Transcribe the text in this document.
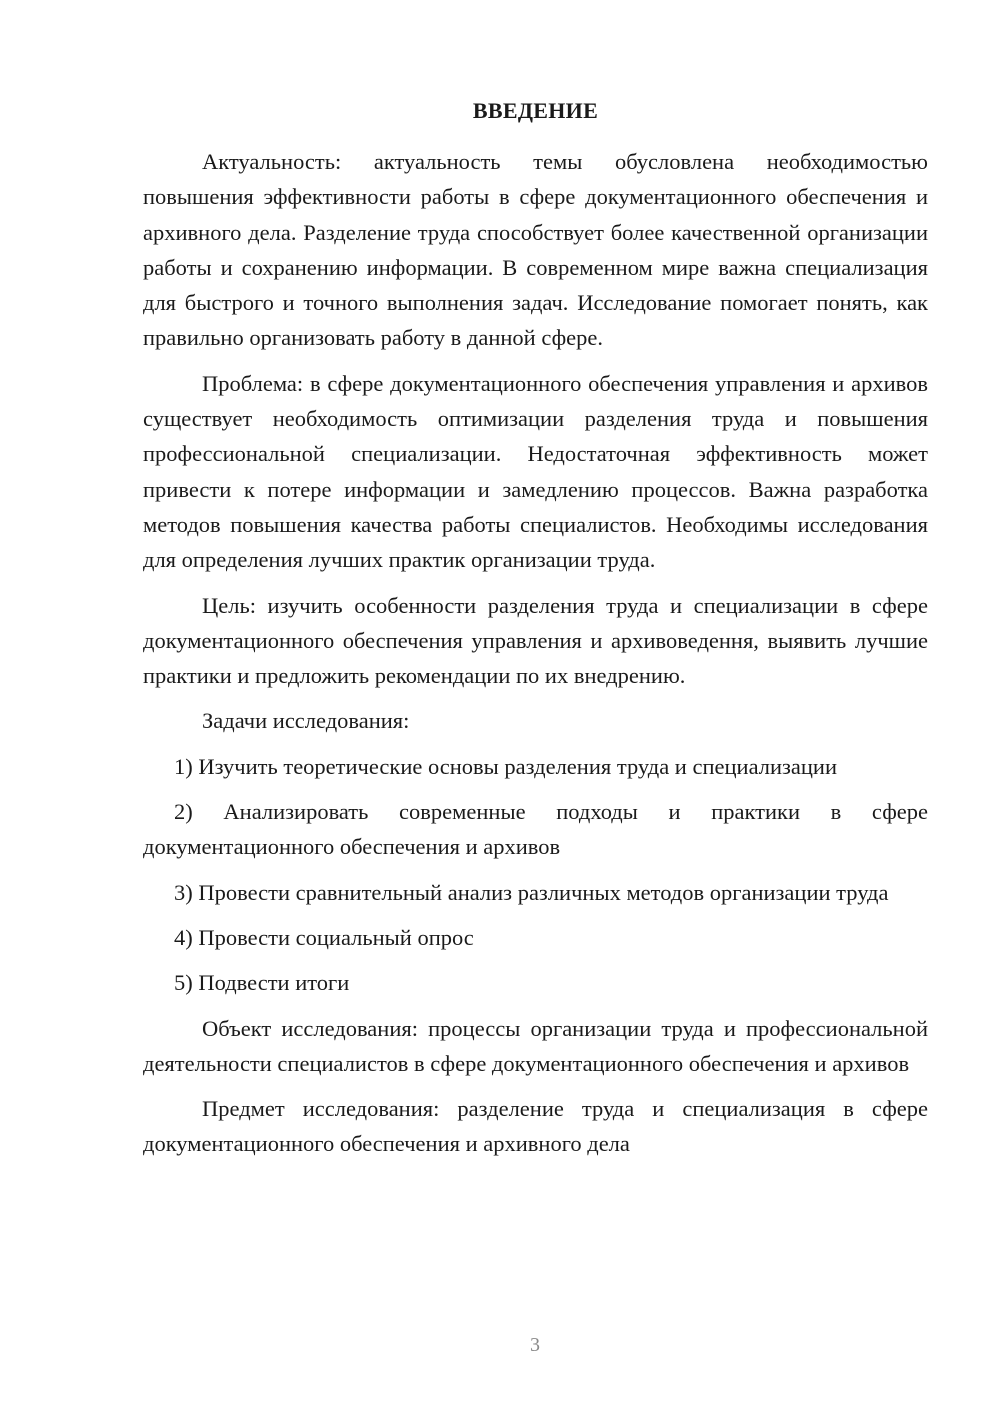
ВВЕДЕНИЕ

Актуальность: актуальность темы обусловлена необходимостью повышения эффективности работы в сфере документационного обеспечения и архивного дела. Разделение труда способствует более качественной организации работы и сохранению информации. В современном мире важна специализация для быстрого и точного выполнения задач. Исследование помогает понять, как правильно организовать работу в данной сфере.

Проблема: в сфере документационного обеспечения управления и архивов существует необходимость оптимизации разделения труда и повышения профессиональной специализации. Недостаточная эффективность может привести к потере информации и замедлению процессов. Важна разработка методов повышения качества работы специалистов. Необходимы исследования для определения лучших практик организации труда.

Цель: изучить особенности разделения труда и специализации в сфере документационного обеспечения управления и архивоведення, выявить лучшие практики и предложить рекомендации по их внедрению.

Задачи исследования:

1) Изучить теоретические основы разделения труда и специализации

2) Анализировать современные подходы и практики в сфере документационного обеспечения и архивов

3) Провести сравнительный анализ различных методов организации труда

4) Провести социальный опрос

5) Подвести итоги

Объект исследования: процессы организации труда и профессиональной деятельности специалистов в сфере документационного обеспечения и архивов

Предмет исследования: разделение труда и специализация в сфере документационного обеспечения и архивного дела

3
